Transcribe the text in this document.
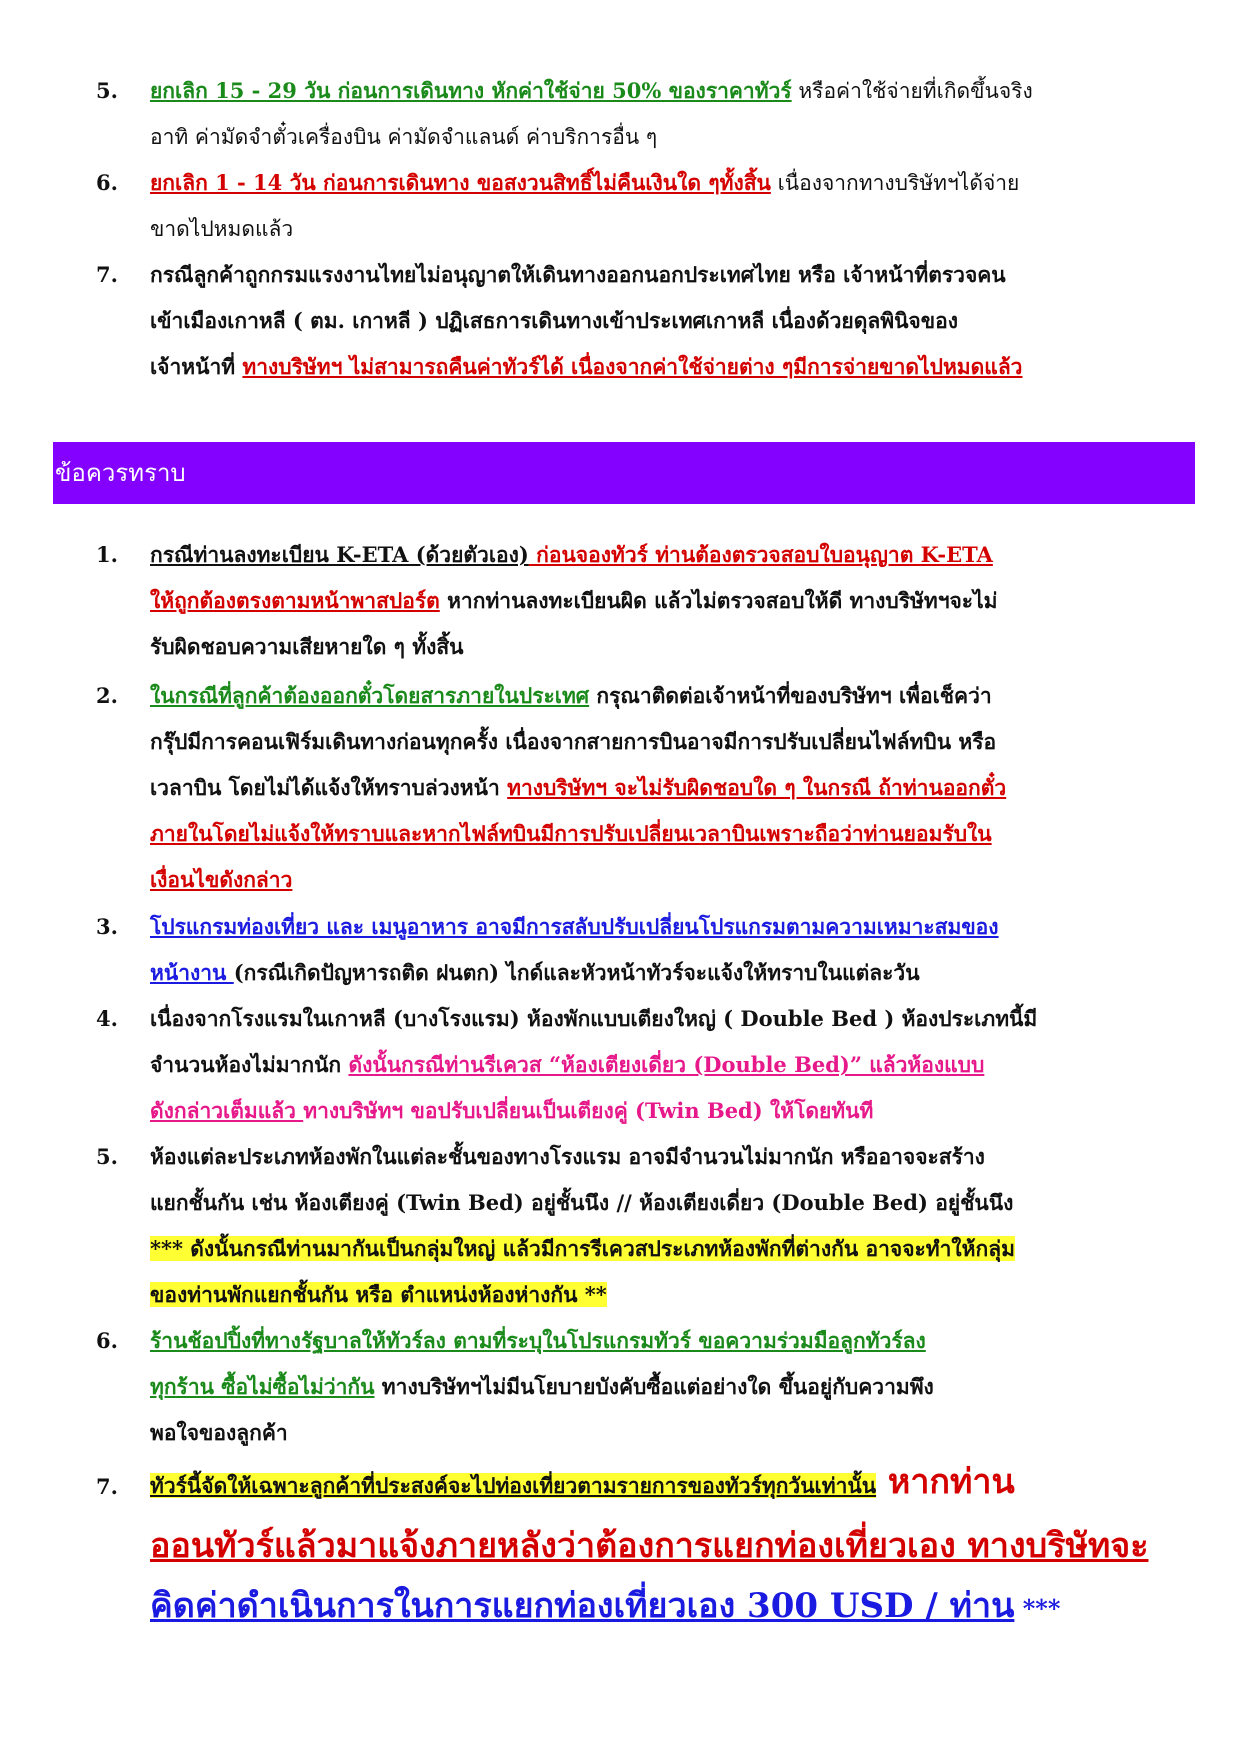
5. ยกเลิก 15 - 29 วัน ก่อนการเดินทาง หักค่าใช้จ่าย 50% ของราคาทัวร์ หรือค่าใช้จ่ายที่เกิดขึ้นจริง
อาทิ ค่ามัดจำตั๋วเครื่องบิน ค่ามัดจำแลนด์ ค่าบริการอื่น ๆ
6. ยกเลิก 1 - 14 วัน ก่อนการเดินทาง ขอสงวนสิทธิ์ไม่คืนเงินใด ๆทั้งสิ้น เนื่องจากทางบริษัทฯได้จ่าย
ขาดไปหมดแล้ว
7. กรณีลูกค้าถูกกรมแรงงานไทยไม่อนุญาตให้เดินทางออกนอกประเทศไทย หรือ เจ้าหน้าที่ตรวจคน
เข้าเมืองเกาหลี ( ตม. เกาหลี ) ปฏิเสธการเดินทางเข้าประเทศเกาหลี เนื่องด้วยดุลพินิจของ
เจ้าหน้าที่ ทางบริษัทฯ ไม่สามารถคืนค่าทัวร์ได้ เนื่องจากค่าใช้จ่ายต่าง ๆมีการจ่ายขาดไปหมดแล้ว
ข้อควรทราบ
1. กรณีท่านลงทะเบียน K-ETA (ด้วยตัวเอง) ก่อนจองทัวร์ ท่านต้องตรวจสอบใบอนุญาต K-ETA
ให้ถูกต้องตรงตามหน้าพาสปอร์ต หากท่านลงทะเบียนผิด แล้วไม่ตรวจสอบให้ดี ทางบริษัทฯจะไม่
รับผิดชอบความเสียหายใด ๆ ทั้งสิ้น
2. ในกรณีที่ลูกค้าต้องออกตั๋วโดยสารภายในประเทศ กรุณาติดต่อเจ้าหน้าที่ของบริษัทฯ เพื่อเช็คว่า
กรุ๊ปมีการคอนเฟิร์มเดินทางก่อนทุกครั้ง เนื่องจากสายการบินอาจมีการปรับเปลี่ยนไฟล์ทบิน หรือ
เวลาบิน โดยไม่ได้แจ้งให้ทราบล่วงหน้า ทางบริษัทฯ จะไม่รับผิดชอบใด ๆ ในกรณี ถ้าท่านออกตั๋ว
ภายในโดยไม่แจ้งให้ทราบและหากไฟล์ทบินมีการปรับเปลี่ยนเวลาบินเพราะถือว่าท่านยอมรับใน
เงื่อนไขดังกล่าว
3. โปรแกรมท่องเที่ยว และ เมนูอาหาร อาจมีการสลับปรับเปลี่ยนโปรแกรมตามความเหมาะสมของ
หน้างาน (กรณีเกิดปัญหารถติด ฝนตก) ไกด์และหัวหน้าทัวร์จะแจ้งให้ทราบในแต่ละวัน
4. เนื่องจากโรงแรมในเกาหลี (บางโรงแรม) ห้องพักแบบเตียงใหญ่ ( Double Bed ) ห้องประเภทนี้มี
จำนวนห้องไม่มากนัก ดังนั้นกรณีท่านรีเควส “ห้องเตียงเดี่ยว (Double Bed)” แล้วห้องแบบ
ดังกล่าวเต็มแล้ว ทางบริษัทฯ ขอปรับเปลี่ยนเป็นเตียงคู่ (Twin Bed) ให้โดยทันที
5. ห้องแต่ละประเภทห้องพักในแต่ละชั้นของทางโรงแรม อาจมีจำนวนไม่มากนัก หรืออาจจะสร้าง
แยกชั้นกัน เช่น ห้องเตียงคู่ (Twin Bed) อยู่ชั้นนึง // ห้องเตียงเดี่ยว (Double Bed) อยู่ชั้นนึง
*** ดังนั้นกรณีท่านมากันเป็นกลุ่มใหญ่ แล้วมีการรีเควสประเภทห้องพักที่ต่างกัน อาจจะทำให้กลุ่ม
ของท่านพักแยกชั้นกัน หรือ ตำแหน่งห้องห่างกัน **
6. ร้านช้อปปิ้งที่ทางรัฐบาลให้ทัวร์ลง ตามที่ระบุในโปรแกรมทัวร์ ขอความร่วมมือลูกทัวร์ลง
ทุกร้าน ซื้อไม่ซื้อไม่ว่ากัน ทางบริษัทฯไม่มีนโยบายบังคับซื้อแต่อย่างใด ขึ้นอยู่กับความพึง
พอใจของลูกค้า
7. ทัวร์นี้จัดให้เฉพาะลูกค้าที่ประสงค์จะไปท่องเที่ยวตามรายการของทัวร์ทุกวันเท่านั้น หากท่าน
ออนทัวร์แล้วมาแจ้งภายหลังว่าต้องการแยกท่องเที่ยวเอง ทางบริษัทจะ
คิดค่าดำเนินการในการแยกท่องเที่ยวเอง 300 USD / ท่าน ***
